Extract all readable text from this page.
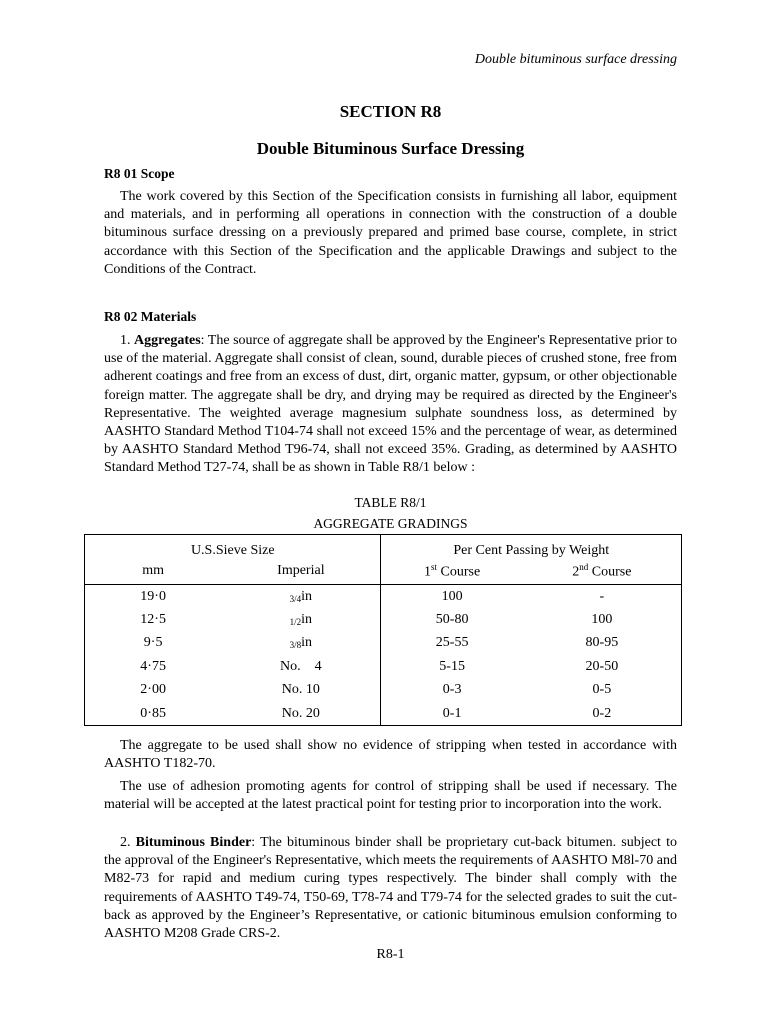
Double bituminous surface dressing
SECTION R8
Double Bituminous Surface Dressing
R8 01 Scope
The work covered by this Section of the Specification consists in furnishing all labor, equipment and materials, and in performing all operations in connection with the construction of a double bituminous surface dressing on a previously prepared and primed base course, complete, in strict accordance with this Section of the Specification and the applicable Drawings and subject to the Conditions of the Contract.
R8 02 Materials
1. Aggregates: The source of aggregate shall be approved by the Engineer's Representative prior to use of the material. Aggregate shall consist of clean, sound, durable pieces of crushed stone, free from adherent coatings and free from an excess of dust, dirt, organic matter, gypsum, or other objectionable foreign matter. The aggregate shall be dry, and drying may be required as directed by the Engineer's Representative. The weighted average magnesium sulphate soundness loss, as determined by AASHTO Standard Method T104-74 shall not exceed 15% and the percentage of wear, as determined by AASHTO Standard Method T96-74, shall not exceed 35%. Grading, as determined by AASHTO Standard Method T27-74, shall be as shown in Table R8/1 below :
TABLE R8/1
AGGREGATE GRADINGS
U.S.Sieve Size		Per Cent Passing by Weight	
mm	Imperial	1st Course	2nd Course
19·0	3/4in	100	-
12·5	1/2in	50-80	100
9·5	3/8in	25-55	80-95
4·75	No.    4	5-15	20-50
2·00	No. 10	0-3	0-5
0·85	No. 20	0-1	0-2
The aggregate to be used shall show no evidence of stripping when tested in accordance with AASHTO T182-70.
The use of adhesion promoting agents for control of stripping shall be used if necessary. The material will be accepted at the latest practical point for testing prior to incorporation into the work.
2. Bituminous Binder: The bituminous binder shall be proprietary cut-back bitumen. subject to the approval of the Engineer's Representative, which meets the requirements of AASHTO M8l-70 and M82-73 for rapid and medium curing types respectively. The binder shall comply with the requirements of AASHTO T49-74, T50-69, T78-74 and T79-74 for the selected grades to suit the cut-back as approved by the Engineer’s Representative, or cationic bituminous emulsion conforming to AASHTO M208 Grade CRS-2.
R8-1
